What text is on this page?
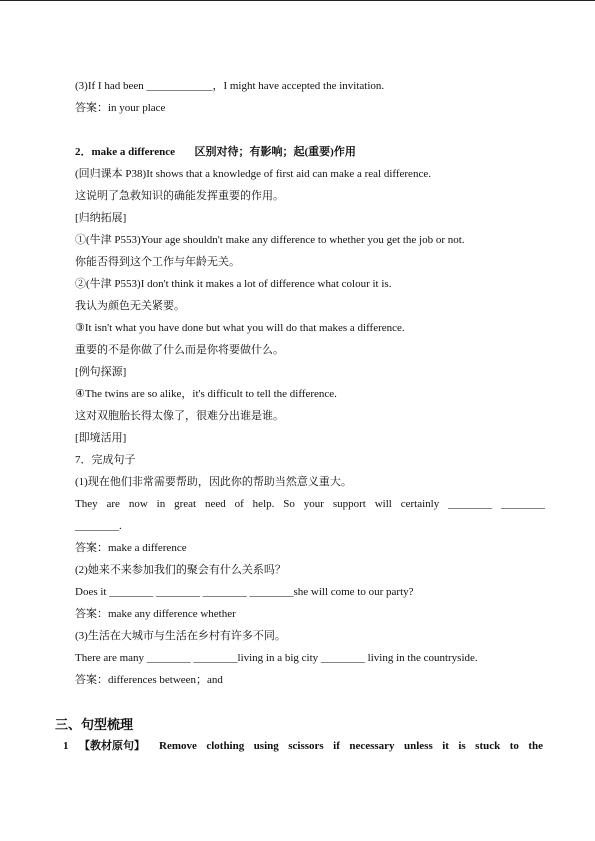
(3)If I had been ____________，I might have accepted the invitation.
答案：in your place
2．make a difference 区别对待；有影响；起(重要)作用
(回归课本 P38)It shows that a knowledge of first aid can make a real difference.
这说明了急救知识的确能发挥重要的作用。
[归纳拓展]
①(牛津 P553)Your age shouldn't make any difference to whether you get the job or not.
你能否得到这个工作与年龄无关。
②(牛津 P553)I don't think it makes a lot of difference what colour it is.
我认为颜色无关紧要。
③It isn't what you have done but what you will do that makes a difference.
重要的不是你做了什么而是你将要做什么。
[例句探源]
④The twins are so alike，it's difficult to tell the difference.
这对双胞胎长得太像了，很难分出谁是谁。
[即境活用]
7．完成句子
(1)现在他们非常需要帮助，因此你的帮助当然意义重大。
They are now in great need of help. So your support will certainly ________ ________
________.
答案：make a difference
(2)她来不来参加我们的聚会有什么关系吗？
Does it ________ ________ ________ ________she will come to our party?
答案：make any difference whether
(3)生活在大城市与生活在乡村有许多不同。
There are many ________ ________living in a big city ________ living in the countryside.
答案：differences between；and
三、句型梳理
1 【教材原句】 Remove clothing using scissors if necessary unless it is stuck to the
